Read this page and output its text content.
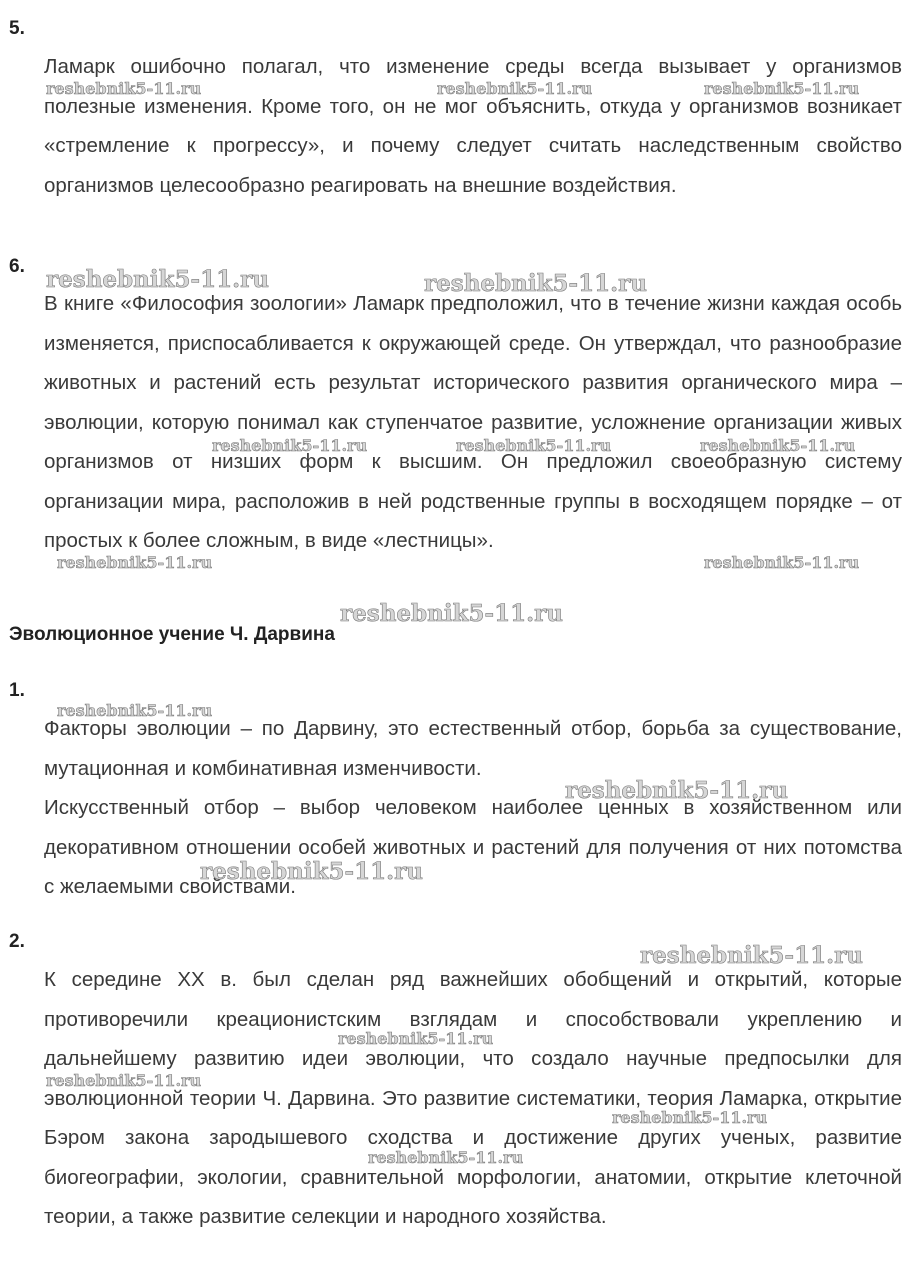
5.

Ламарк ошибочно полагал, что изменение среды всегда вызывает у организмов полезные изменения. Кроме того, он не мог объяснить, откуда у организмов возникает «стремление к прогрессу», и почему следует считать наследственным свойство организмов целесообразно реагировать на внешние воздействия.

6.

В книге «Философия зоологии» Ламарк предположил, что в течение жизни каждая особь изменяется, приспосабливается к окружающей среде. Он утверждал, что разнообразие животных и растений есть результат исторического развития органического мира – эволюции, которую понимал как ступенчатое развитие, усложнение организации живых организмов от низших форм к высшим. Он предложил своеобразную систему организации мира, расположив в ней родственные группы в восходящем порядке – от простых к более сложным, в виде «лестницы».

Эволюционное учение Ч. Дарвина
1.

Факторы эволюции – по Дарвину, это естественный отбор, борьба за существование, мутационная и комбинативная изменчивости.

Искусственный отбор – выбор человеком наиболее ценных в хозяйственном или декоративном отношении особей животных и растений для получения от них потомства с желаемыми свойствами.

2.

К середине XX в. был сделан ряд важнейших обобщений и открытий, которые противоречили креационистским взглядам и способствовали укреплению и дальнейшему развитию идеи эволюции, что создало научные предпосылки для эволюционной теории Ч. Дарвина. Это развитие систематики, теория Ламарка, открытие Бэром закона зародышевого сходства и достижение других ученых, развитие биогеографии, экологии, сравнительной морфологии, анатомии, открытие клеточной теории, а также развитие селекции и народного хозяйства.

reshebnik5-11.ru	reshebnik5-11.ru	reshebnik5-11.ru
reshebnik5-11.ru	reshebnik5-11.ru
reshebnik5-11.ru	reshebnik5-11.ru	reshebnik5-11.ru
reshebnik5-11.ru	reshebnik5-11.ru
reshebnik5-11.ru
reshebnik5-11.ru
reshebnik5-11.ru
reshebnik5-11.ru
reshebnik5-11.ru
reshebnik5-11.ru
reshebnik5-11.ru
reshebnik5-11.ru
reshebnik5-11.ru
